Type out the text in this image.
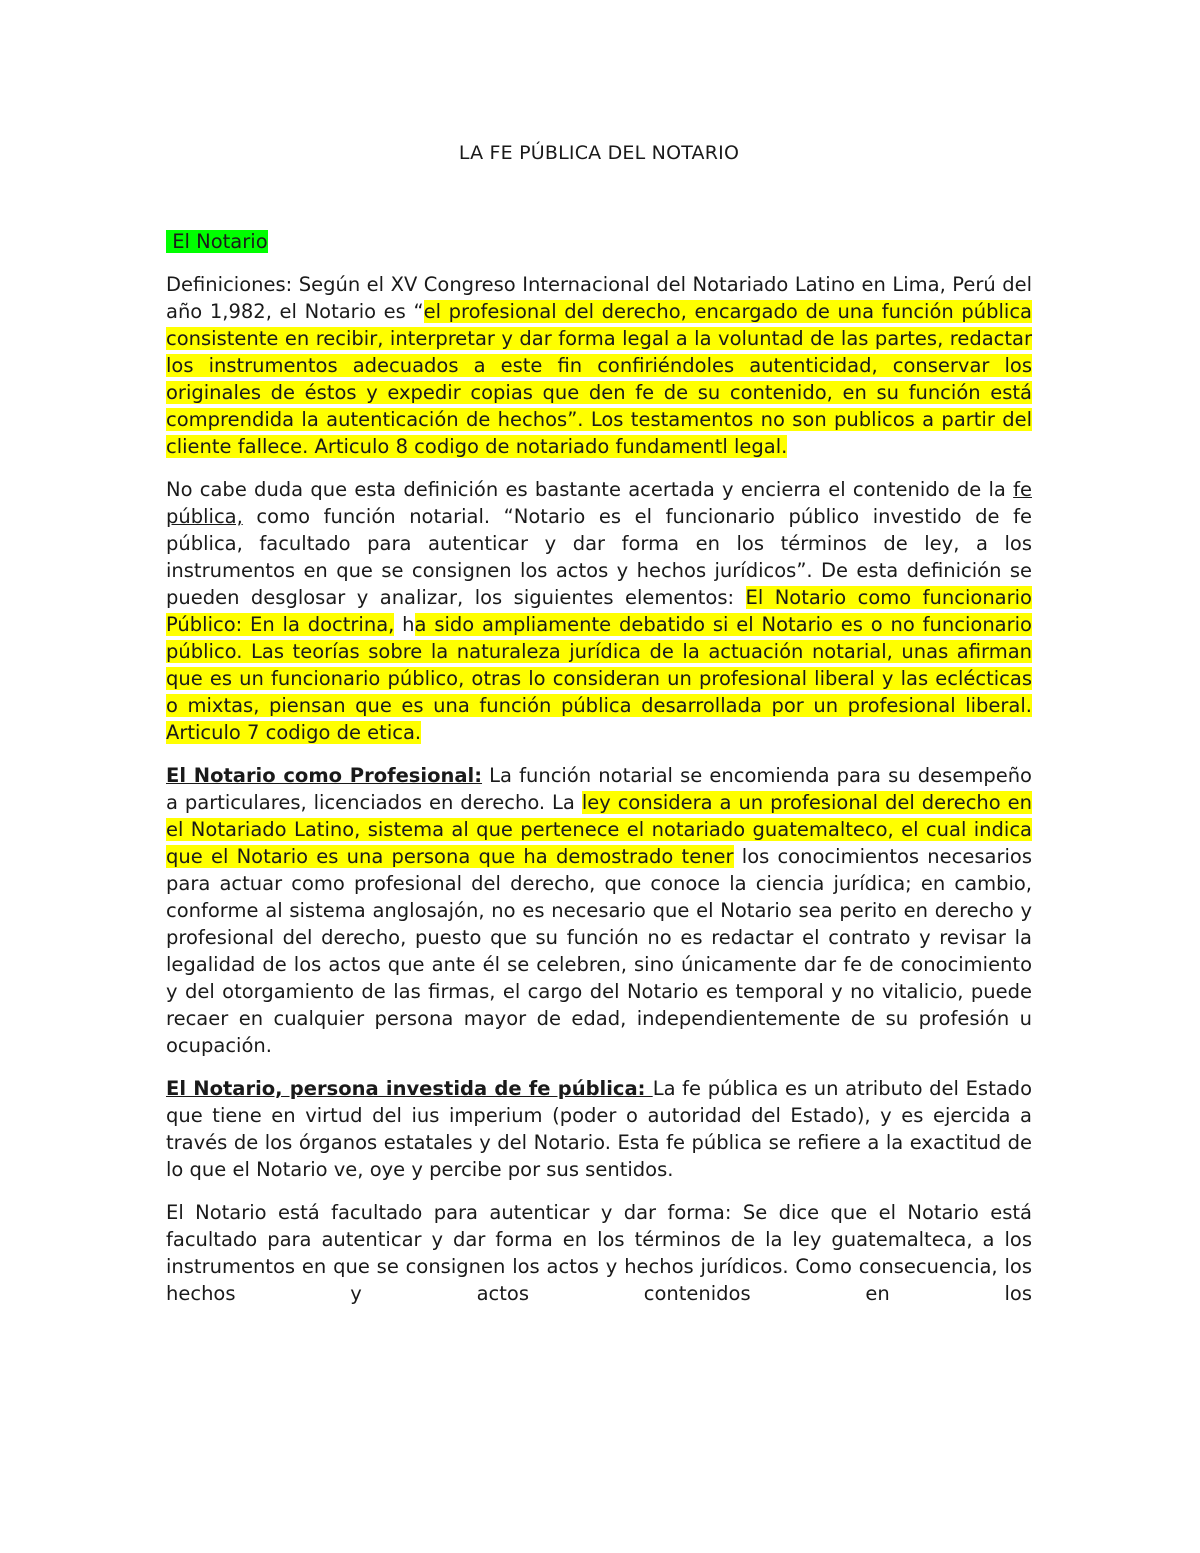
LA FE PÚBLICA DEL NOTARIO
El Notario

Definiciones: Según el XV Congreso Internacional del Notariado Latino en Lima, Perú del año 1,982, el Notario es “el profesional del derecho, encargado de una función pública consistente en recibir, interpretar y dar forma legal a la voluntad de las partes, redactar los instrumentos adecuados a este fin confiriéndoles autenticidad, conservar los originales de éstos y expedir copias que den fe de su contenido, en su función está comprendida la autenticación de hechos”. Los testamentos no son publicos a partir del cliente fallece. Articulo 8 codigo de notariado fundamentl legal.

No cabe duda que esta definición es bastante acertada y encierra el contenido de la fe pública, como función notarial. “Notario es el funcionario público investido de fe pública, facultado para autenticar y dar forma en los términos de ley, a los instrumentos en que se consignen los actos y hechos jurídicos”. De esta definición se pueden desglosar y analizar, los siguientes elementos: El Notario como funcionario Público: En la doctrina, ha sido ampliamente debatido si el Notario es o no funcionario público. Las teorías sobre la naturaleza jurídica de la actuación notarial, unas afirman que es un funcionario público, otras lo consideran un profesional liberal y las eclécticas o mixtas, piensan que es una función pública desarrollada por un profesional liberal. Articulo 7 codigo de etica.

El Notario como Profesional: La función notarial se encomienda para su desempeño a particulares, licenciados en derecho. La ley considera a un profesional del derecho en el Notariado Latino, sistema al que pertenece el notariado guatemalteco, el cual indica que el Notario es una persona que ha demostrado tener los conocimientos necesarios para actuar como profesional del derecho, que conoce la ciencia jurídica; en cambio, conforme al sistema anglosajón, no es necesario que el Notario sea perito en derecho y profesional del derecho, puesto que su función no es redactar el contrato y revisar la legalidad de los actos que ante él se celebren, sino únicamente dar fe de conocimiento y del otorgamiento de las firmas, el cargo del Notario es temporal y no vitalicio, puede recaer en cualquier persona mayor de edad, independientemente de su profesión u ocupación.

El Notario, persona investida de fe pública: La fe pública es un atributo del Estado que tiene en virtud del ius imperium (poder o autoridad del Estado), y es ejercida a través de los órganos estatales y del Notario. Esta fe pública se refiere a la exactitud de lo que el Notario ve, oye y percibe por sus sentidos.

El Notario está facultado para autenticar y dar forma: Se dice que el Notario está facultado para autenticar y dar forma en los términos de la ley guatemalteca, a los instrumentos en que se consignen los actos y hechos jurídicos. Como consecuencia, los hechos y actos contenidos en los
